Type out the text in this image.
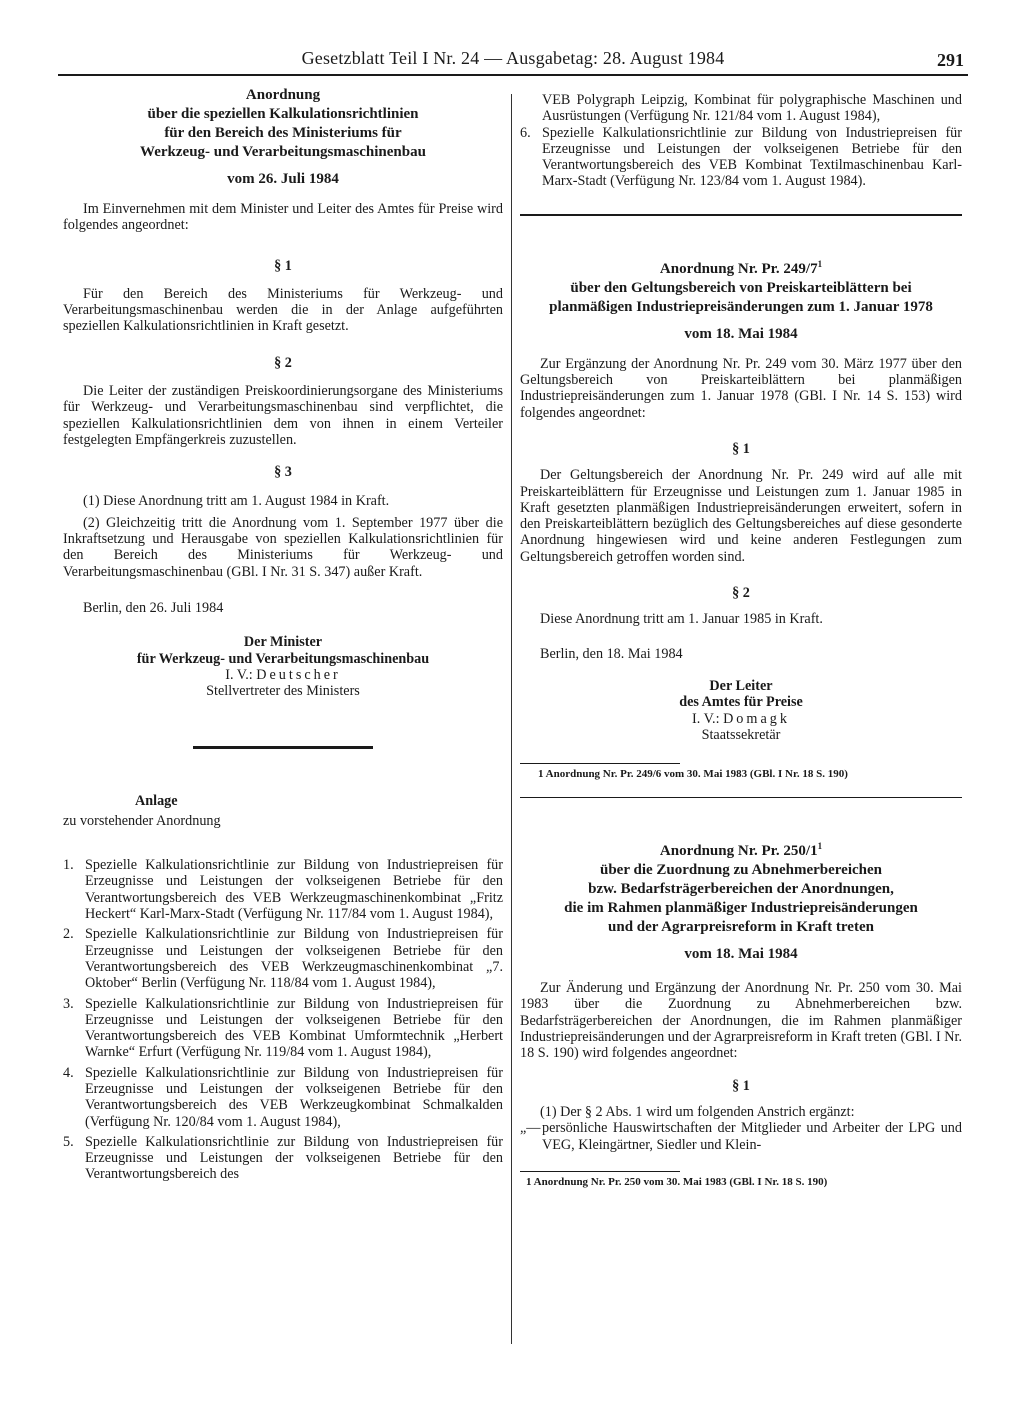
Gesetzblatt Teil I Nr. 24 — Ausgabetag: 28. August 1984	291
Anordnung
über die speziellen Kalkulationsrichtlinien
für den Bereich des Ministeriums für
Werkzeug- und Verarbeitungsmaschinenbau
vom 26. Juli 1984

Im Einvernehmen mit dem Minister und Leiter des Amtes für Preise wird folgendes angeordnet:

§ 1

Für den Bereich des Ministeriums für Werkzeug- und Verarbeitungsmaschinenbau werden die in der Anlage aufgeführten speziellen Kalkulationsrichtlinien in Kraft gesetzt.

§ 2

Die Leiter der zuständigen Preiskoordinierungsorgane des Ministeriums für Werkzeug- und Verarbeitungsmaschinenbau sind verpflichtet, die speziellen Kalkulationsrichtlinien dem von ihnen in einem Verteiler festgelegten Empfängerkreis zuzustellen.

§ 3

(1) Diese Anordnung tritt am 1. August 1984 in Kraft.

(2) Gleichzeitig tritt die Anordnung vom 1. September 1977 über die Inkraftsetzung und Herausgabe von speziellen Kalkulationsrichtlinien für den Bereich des Ministeriums für Werkzeug- und Verarbeitungsmaschinenbau (GBl. I Nr. 31 S. 347) außer Kraft.

Berlin, den 26. Juli 1984

Der Minister
für Werkzeug- und Verarbeitungsmaschinenbau
I. V.: Deutscher
Stellvertreter des Ministers
Anlage
zu vorstehender Anordnung
1. Spezielle Kalkulationsrichtlinie zur Bildung von Industriepreisen für Erzeugnisse und Leistungen der volkseigenen Betriebe für den Verantwortungsbereich des VEB Werkzeugmaschinenkombinat „Fritz Heckert“ Karl-Marx-Stadt (Verfügung Nr. 117/84 vom 1. August 1984),
2. Spezielle Kalkulationsrichtlinie zur Bildung von Industriepreisen für Erzeugnisse und Leistungen der volkseigenen Betriebe für den Verantwortungsbereich des VEB Werkzeugmaschinenkombinat „7. Oktober“ Berlin (Verfügung Nr. 118/84 vom 1. August 1984),
3. Spezielle Kalkulationsrichtlinie zur Bildung von Industriepreisen für Erzeugnisse und Leistungen der volkseigenen Betriebe für den Verantwortungsbereich des VEB Kombinat Umformtechnik „Herbert Warnke“ Erfurt (Verfügung Nr. 119/84 vom 1. August 1984),
4. Spezielle Kalkulationsrichtlinie zur Bildung von Industriepreisen für Erzeugnisse und Leistungen der volkseigenen Betriebe für den Verantwortungsbereich des VEB Werkzeugkombinat Schmalkalden (Verfügung Nr. 120/84 vom 1. August 1984),
5. Spezielle Kalkulationsrichtlinie zur Bildung von Industriepreisen für Erzeugnisse und Leistungen der volkseigenen Betriebe für den Verantwortungsbereich des
VEB Polygraph Leipzig, Kombinat für polygraphische Maschinen und Ausrüstungen (Verfügung Nr. 121/84 vom 1. August 1984),
6. Spezielle Kalkulationsrichtlinie zur Bildung von Industriepreisen für Erzeugnisse und Leistungen der volkseigenen Betriebe für den Verantwortungsbereich des VEB Kombinat Textilmaschinenbau Karl-Marx-Stadt (Verfügung Nr. 123/84 vom 1. August 1984).
Anordnung Nr. Pr. $249/7^1$
über den Geltungsbereich von Preiskarteiblättern bei
planmäßigen Industriepreisänderungen zum 1. Januar 1978
vom 18. Mai 1984

Zur Ergänzung der Anordnung Nr. Pr. 249 vom 30. März 1977 über den Geltungsbereich von Preiskarteiblättern bei planmäßigen Industriepreisänderungen zum 1. Januar 1978 (GBl. I Nr. 14 S. 153) wird folgendes angeordnet:

§ 1

Der Geltungsbereich der Anordnung Nr. Pr. 249 wird auf alle mit Preiskarteiblättern für Erzeugnisse und Leistungen zum 1. Januar 1985 in Kraft gesetzten planmäßigen Industriepreisänderungen erweitert, sofern in den Preiskarteiblättern bezüglich des Geltungsbereiches auf diese gesonderte Anordnung hingewiesen wird und keine anderen Festlegungen zum Geltungsbereich getroffen worden sind.

§ 2

Diese Anordnung tritt am 1. Januar 1985 in Kraft.

Berlin, den 18. Mai 1984

Der Leiter
des Amtes für Preise
I. V.: Domagk
Staatssekretär
1 Anordnung Nr. Pr. 249/6 vom 30. Mai 1983 (GBl. I Nr. 18 S. 190)
Anordnung Nr. Pr. $250/1^1$
über die Zuordnung zu Abnehmerbereichen
bzw. Bedarfsträgerbereichen der Anordnungen,
die im Rahmen planmäßiger Industriepreisänderungen
und der Agrarpreisreform in Kraft treten
vom 18. Mai 1984

Zur Änderung und Ergänzung der Anordnung Nr. Pr. 250 vom 30. Mai 1983 über die Zuordnung zu Abnehmerbereichen bzw. Bedarfsträgerbereichen der Anordnungen, die im Rahmen planmäßiger Industriepreisänderungen und der Agrarpreisreform in Kraft treten (GBl. I Nr. 18 S. 190) wird folgendes angeordnet:

§ 1

(1) Der § 2 Abs. 1 wird um folgenden Anstrich ergänzt:

„— persönliche Hauswirtschaften der Mitglieder und Arbeiter der LPG und VEG, Kleingärtner, Siedler und Klein-
1 Anordnung Nr. Pr. 250 vom 30. Mai 1983 (GBl. I Nr. 18 S. 190)
